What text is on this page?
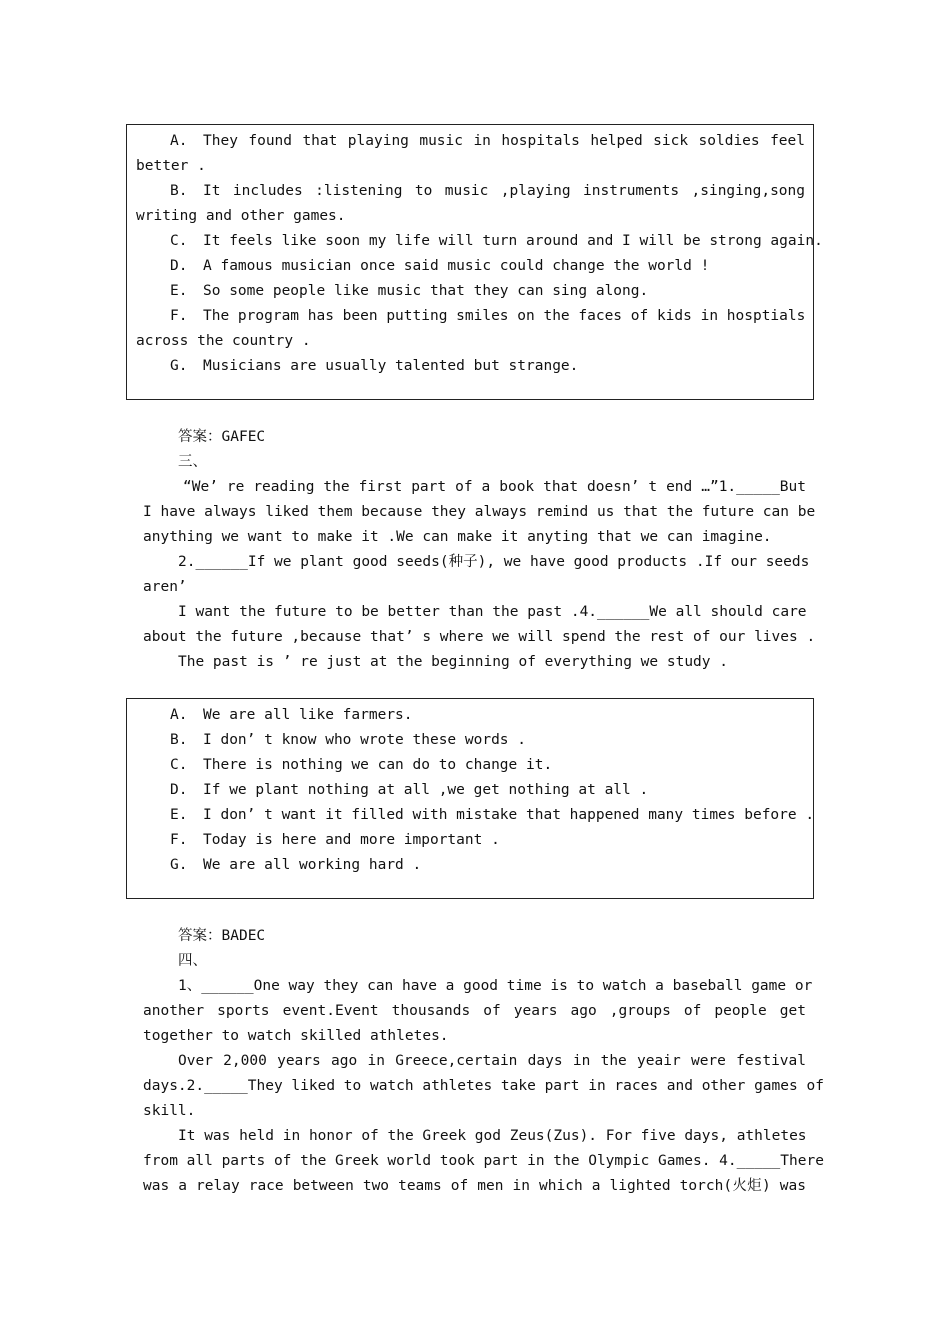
A. They found that playing music in hospitals helped sick soldies feel
better .
B. It includes :listening to music ,playing instruments ,singing,song
writing and other games.
C. It feels like soon my life will turn around and I will be strong again.
D. A famous musician once said music could change the world !
E. So some people like music that they can sing along.
F. The program has been putting smiles on the faces of kids in hosptials
across the country .
G. Musicians are usually talented but strange.
答案：GAFEC
三、
“We’ re reading the first part of a book that doesn’ t end …”1._____But
I have always liked them because they always remind us that the future can be
anything we want to make it .We can make it anyting that we can imagine.
2.______If we plant good seeds(种子), we have good products .If our seeds
aren’
I want the future to be better than the past .4.______We all should care
about the future ,because that’ s where we will spend the rest of our lives .
The past is ’ re just at the beginning of everything we study .
A. We are all like farmers.
B. I don’ t know who wrote these words .
C. There is nothing we can do to change it.
D. If we plant nothing at all ,we get nothing at all .
E. I don’ t want it filled with mistake that happened many times before .
F. Today is here and more important .
G. We are all working hard .
答案：BADEC
四、
1、______One way they can have a good time is to watch a baseball game or
another sports event.Event thousands of years ago ,groups of people get
together to watch skilled athletes.
Over 2,000 years ago in Greece,certain days in the yeair were festival
days.2._____They liked to watch athletes take part in races and other games of
skill.
It was held in honor of the Greek god Zeus(Zus). For five days, athletes
from all parts of the Greek world took part in the Olympic Games. 4._____There
was a relay race between two teams of men in which a lighted torch(火炬) was
